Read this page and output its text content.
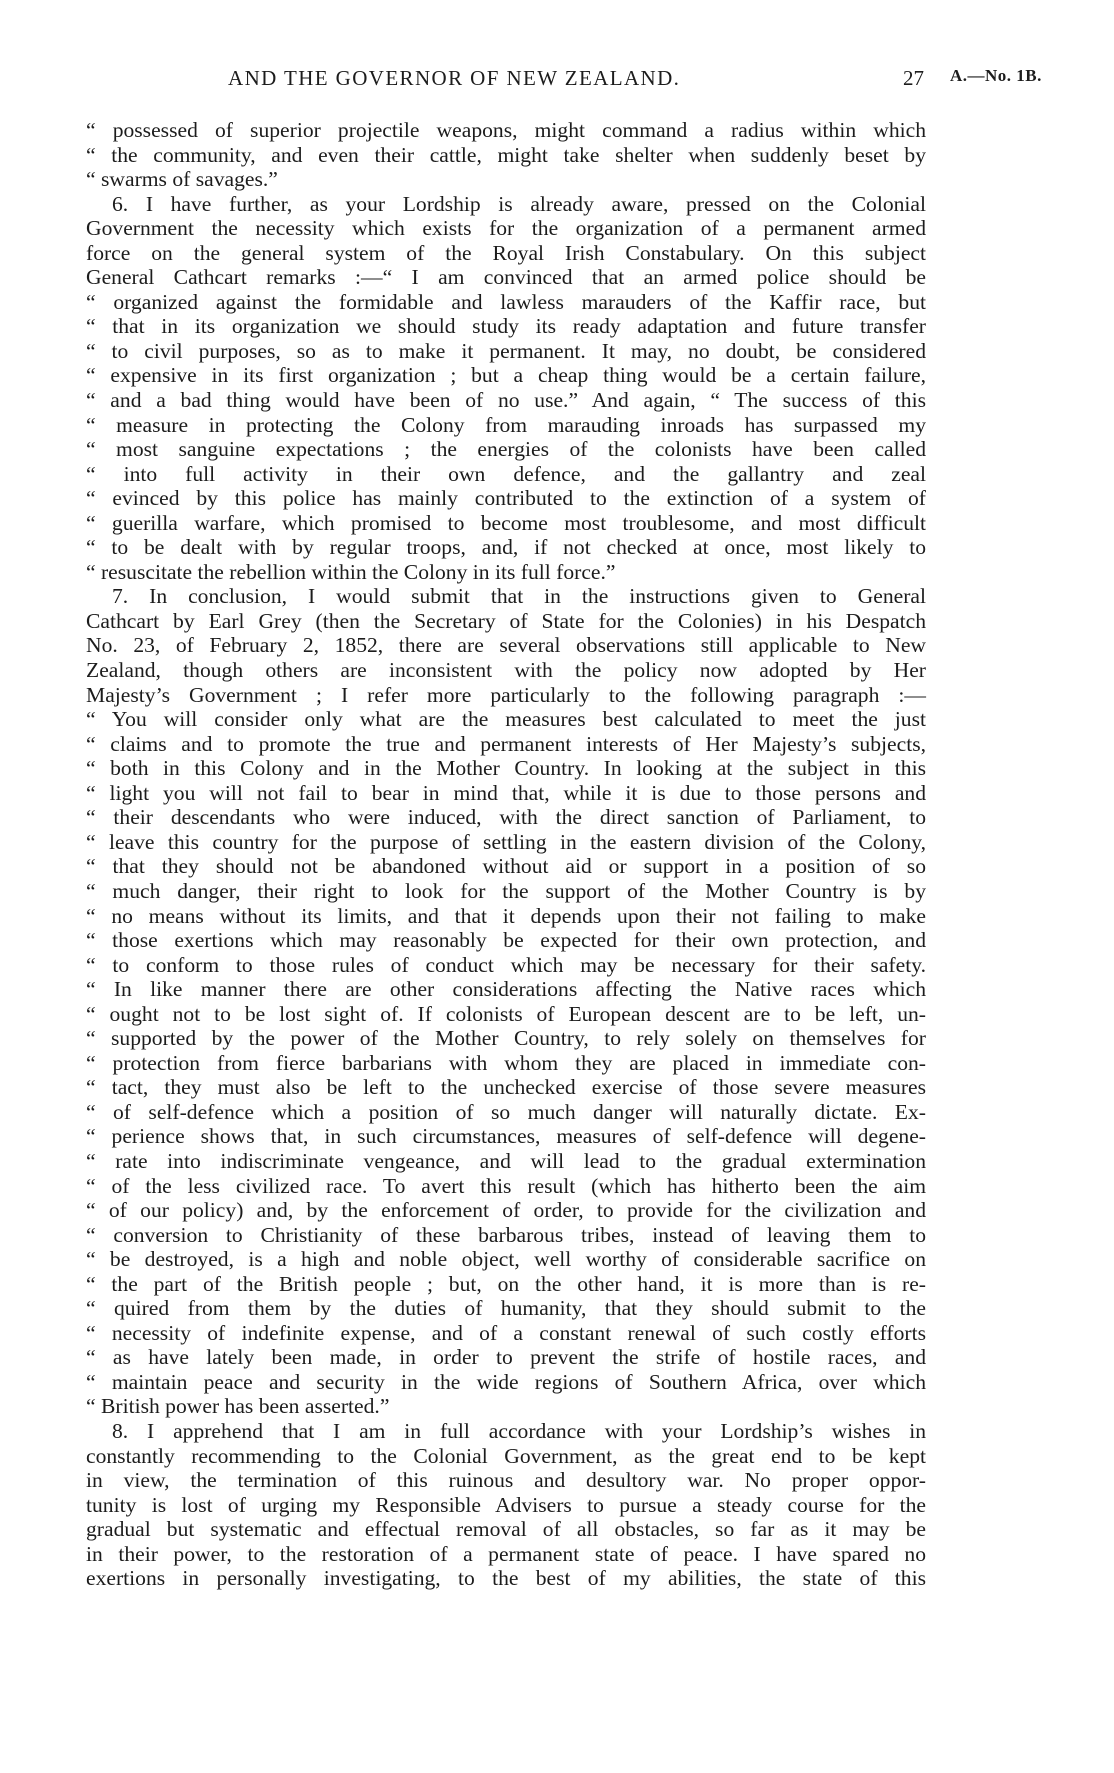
AND THE GOVERNOR OF NEW ZEALAND.	27 A.—No. 1B.
“ possessed of superior projectile weapons, might command a radius within which
“ the community, and even their cattle, might take shelter when suddenly beset by
“ swarms of savages.”
6. I have further, as your Lordship is already aware, pressed on the Colonial
Government the necessity which exists for the organization of a permanent armed
force on the general system of the Royal Irish Constabulary. On this subject
General Cathcart remarks :—“ I am convinced that an armed police should be
“ organized against the formidable and lawless marauders of the Kaffir race, but
“ that in its organization we should study its ready adaptation and future transfer
“ to civil purposes, so as to make it permanent. It may, no doubt, be considered
“ expensive in its first organization ; but a cheap thing would be a certain failure,
“ and a bad thing would have been of no use.” And again, “ The success of this
“ measure in protecting the Colony from marauding inroads has surpassed my
“ most sanguine expectations ; the energies of the colonists have been called
“ into full activity in their own defence, and the gallantry and zeal
“ evinced by this police has mainly contributed to the extinction of a system of
“ guerilla warfare, which promised to become most troublesome, and most difficult
“ to be dealt with by regular troops, and, if not checked at once, most likely to
“ resuscitate the rebellion within the Colony in its full force.”
7. In conclusion, I would submit that in the instructions given to General
Cathcart by Earl Grey (then the Secretary of State for the Colonies) in his Despatch
No. 23, of February 2, 1852, there are several observations still applicable to New
Zealand, though others are inconsistent with the policy now adopted by Her
Majesty’s Government ; I refer more particularly to the following paragraph :—
“ You will consider only what are the measures best calculated to meet the just
“ claims and to promote the true and permanent interests of Her Majesty’s subjects,
“ both in this Colony and in the Mother Country. In looking at the subject in this
“ light you will not fail to bear in mind that, while it is due to those persons and
“ their descendants who were induced, with the direct sanction of Parliament, to
“ leave this country for the purpose of settling in the eastern division of the Colony,
“ that they should not be abandoned without aid or support in a position of so
“ much danger, their right to look for the support of the Mother Country is by
“ no means without its limits, and that it depends upon their not failing to make
“ those exertions which may reasonably be expected for their own protection, and
“ to conform to those rules of conduct which may be necessary for their safety.
“ In like manner there are other considerations affecting the Native races which
“ ought not to be lost sight of. If colonists of European descent are to be left, un-
“ supported by the power of the Mother Country, to rely solely on themselves for
“ protection from fierce barbarians with whom they are placed in immediate con-
“ tact, they must also be left to the unchecked exercise of those severe measures
“ of self-defence which a position of so much danger will naturally dictate. Ex-
“ perience shows that, in such circumstances, measures of self-defence will degene-
“ rate into indiscriminate vengeance, and will lead to the gradual extermination
“ of the less civilized race. To avert this result (which has hitherto been the aim
“ of our policy) and, by the enforcement of order, to provide for the civilization and
“ conversion to Christianity of these barbarous tribes, instead of leaving them to
“ be destroyed, is a high and noble object, well worthy of considerable sacrifice on
“ the part of the British people ; but, on the other hand, it is more than is re-
“ quired from them by the duties of humanity, that they should submit to the
“ necessity of indefinite expense, and of a constant renewal of such costly efforts
“ as have lately been made, in order to prevent the strife of hostile races, and
“ maintain peace and security in the wide regions of Southern Africa, over which
“ British power has been asserted.”
8. I apprehend that I am in full accordance with your Lordship’s wishes in
constantly recommending to the Colonial Government, as the great end to be kept
in view, the termination of this ruinous and desultory war. No proper oppor-
tunity is lost of urging my Responsible Advisers to pursue a steady course for the
gradual but systematic and effectual removal of all obstacles, so far as it may be
in their power, to the restoration of a permanent state of peace. I have spared no
exertions in personally investigating, to the best of my abilities, the state of this
